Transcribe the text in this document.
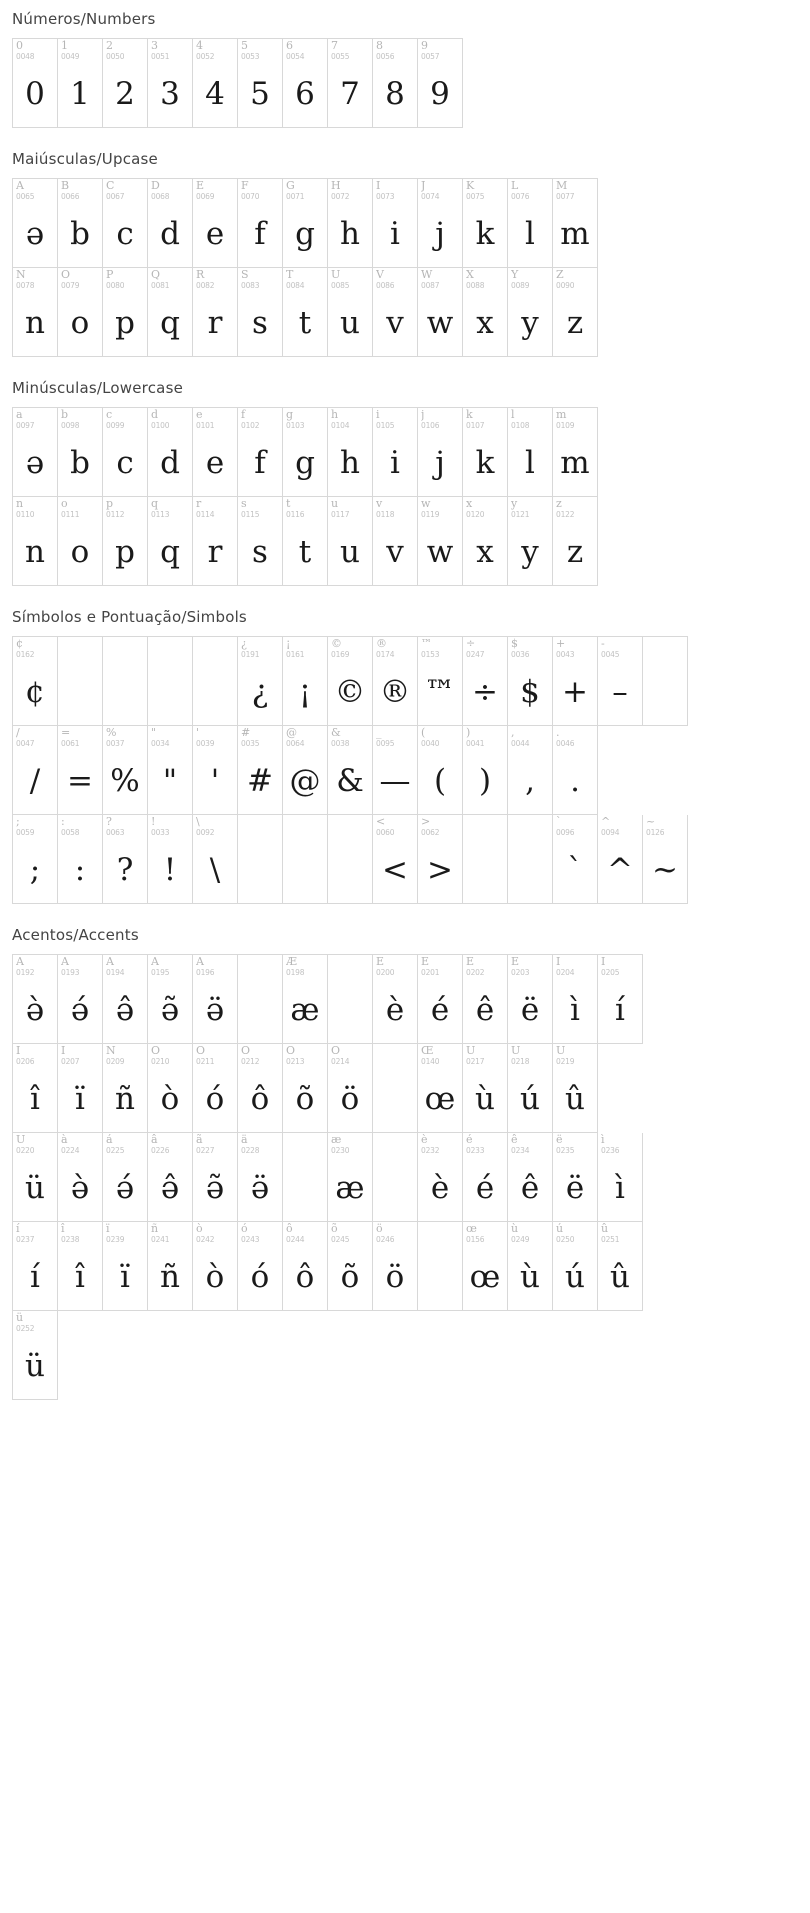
Números/Numbers
0
0048
0
1
0049
1
2
0050
2
3
0051
3
4
0052
4
5
0053
5
6
0054
6
7
0055
7
8
0056
8
9
0057
9
Maiúsculas/Upcase
A
0065
ə
B
0066
b
C
0067
c
D
0068
d
E
0069
e
F
0070
f
G
0071
g
H
0072
h
I
0073
i
J
0074
j
K
0075
k
L
0076
l
M
0077
m
N
0078
n
O
0079
o
P
0080
p
Q
0081
q
R
0082
r
S
0083
s
T
0084
t
U
0085
u
V
0086
v
W
0087
w
X
0088
x
Y
0089
y
Z
0090
z
Minúsculas/Lowercase
a
0097
ə
b
0098
b
c
0099
c
d
0100
d
e
0101
e
f
0102
f
g
0103
g
h
0104
h
i
0105
i
j
0106
j
k
0107
k
l
0108
l
m
0109
m
n
0110
n
o
0111
o
p
0112
p
q
0113
q
r
0114
r
s
0115
s
t
0116
t
u
0117
u
v
0118
v
w
0119
w
x
0120
x
y
0121
y
z
0122
z
Símbolos e Pontuação/Simbols
¢
0162
¢
¿
0191
¿
¡
0161
¡
©
0169
©
®
0174
®
™
0153
™
÷
0247
÷
$
0036
$
+
0043
+
-
0045
–
/
0047
/
=
0061
=
%
0037
%
"
0034
"
'
0039
'
#
0035
#
@
0064
@
&
0038
&
_
0095
—
(
0040
(
)
0041
)
,
0044
,
.
0046
.
;
0059
;
:
0058
:
?
0063
?
!
0033
!
\
0092
\
<
0060
<
>
0062
>
`
0096
`
^
0094
^
~
0126
~
Acentos/Accents
À
0192
ə̀
Á
0193
ə́
Â
0194
ə̂
Ã
0195
ə̃
Ä
0196
ə̈
Æ
0198
æ
È
0200
è
É
0201
é
Ê
0202
ê
Ë
0203
ë
Ì
0204
ì
Í
0205
í
Î
0206
î
Ï
0207
ï
Ñ
0209
ñ
Ò
0210
ò
Ó
0211
ó
Ô
0212
ô
Õ
0213
õ
Ö
0214
ö
Œ
0140
œ
Ù
0217
ù
Ú
0218
ú
Û
0219
û
Ü
0220
ü
à
0224
ə̀
á
0225
ə́
â
0226
ə̂
ã
0227
ə̃
ä
0228
ə̈
æ
0230
æ
è
0232
è
é
0233
é
ê
0234
ê
ë
0235
ë
ì
0236
ì
í
0237
í
î
0238
î
ï
0239
ï
ñ
0241
ñ
ò
0242
ò
ó
0243
ó
ô
0244
ô
õ
0245
õ
ö
0246
ö
œ
0156
œ
ù
0249
ù
ú
0250
ú
û
0251
û
ü
0252
ü
